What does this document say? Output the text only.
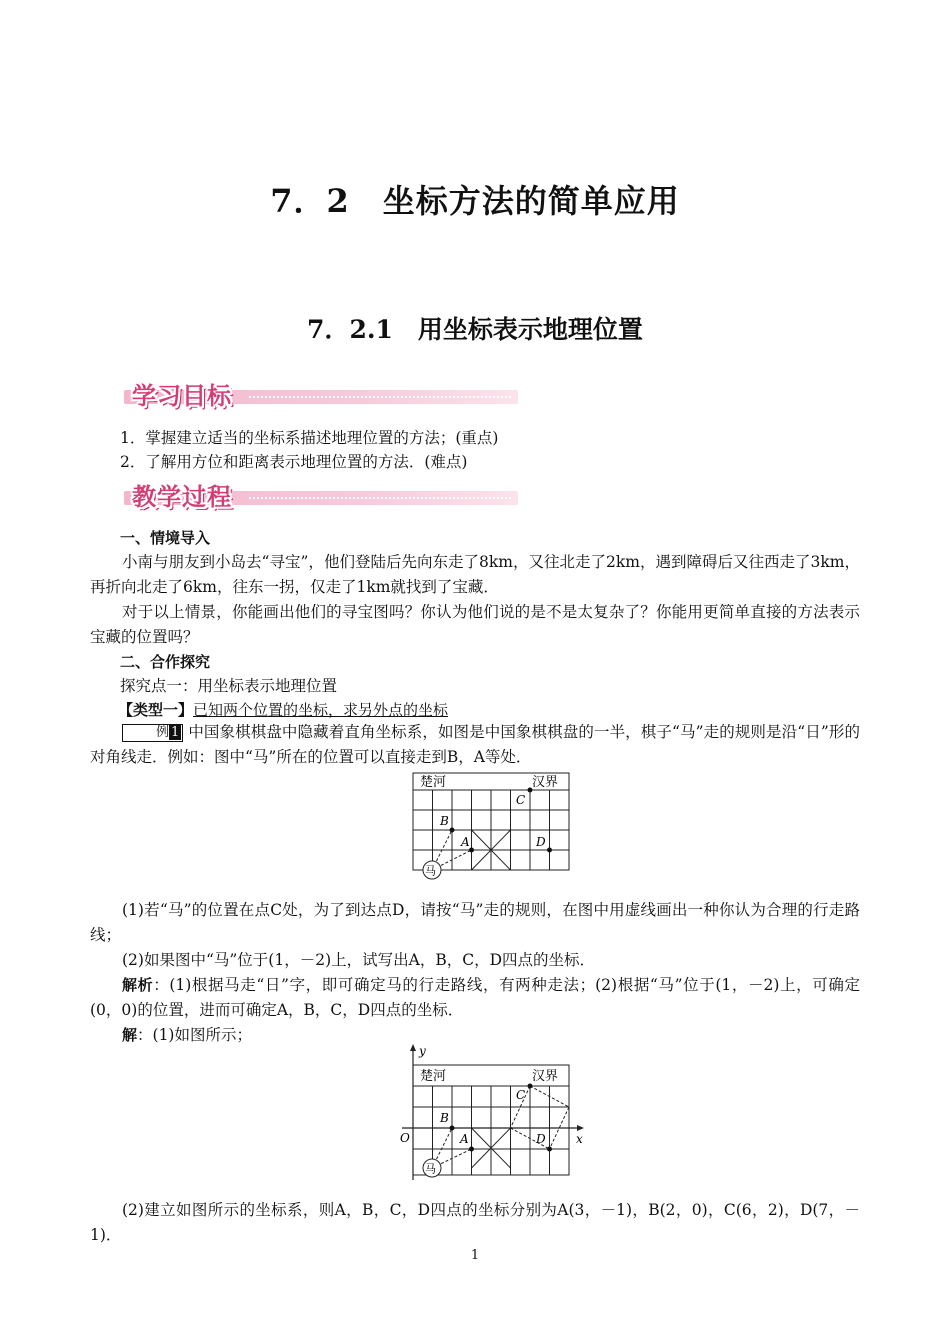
7．2　坐标方法的简单应用
7．2.1　用坐标表示地理位置
学习目标
1．掌握建立适当的坐标系描述地理位置的方法；(重点)
2．了解用方位和距离表示地理位置的方法．(难点)
教学过程
一、情境导入
小南与朋友到小岛去“寻宝”，他们登陆后先向东走了8km，又往北走了2km，遇到障碍后又往西走了3km，再折向北走了6km，往东一拐，仅走了1km就找到了宝藏．
对于以上情景，你能画出他们的寻宝图吗？你认为他们说的是不是太复杂了？你能用更简单直接的方法表示宝藏的位置吗？
二、合作探究
探究点一：用坐标表示地理位置
【类型一】已知两个位置的坐标，求另外点的坐标
例 1 中国象棋棋盘中隐藏着直角坐标系，如图是中国象棋棋盘的一半，棋子“马”走的规则是沿“日”形的对角线走．例如：图中“马”所在的位置可以直接走到B，A等处．
楚河	汉界
C
B
A	D
马
(1)若“马”的位置在点C处，为了到达点D，请按“马”走的规则，在图中用虚线画出一种你认为合理的行走路线；
(2)如果图中“马”位于(1，－2)上，试写出A，B，C，D四点的坐标．
解析：(1)根据马走“日”字，即可确定马的行走路线，有两种走法；(2)根据“马”位于(1，－2)上，可确定(0，0)的位置，进而可确定A，B，C，D四点的坐标．
解：(1)如图所示；
y
x
O
楚河	汉界
C
B
A	D
马
(2)建立如图所示的坐标系，则A，B，C，D四点的坐标分别为A(3，－1)，B(2，0)，C(6，2)，D(7，－1)．
1
